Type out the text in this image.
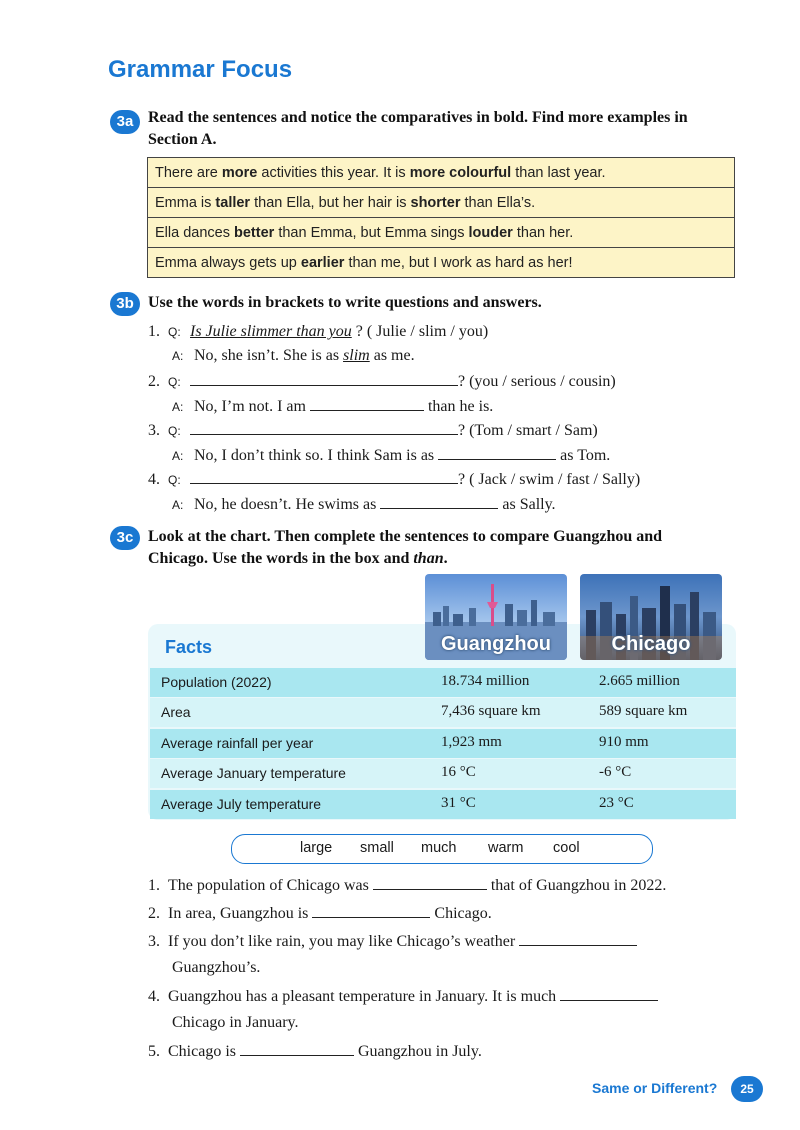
Grammar Focus
3a Read the sentences and notice the comparatives in bold. Find more examples in
Section A.
There are more activities this year. It is more colourful than last year.
Emma is taller than Ella, but her hair is shorter than Ella’s.
Ella dances better than Emma, but Emma sings louder than her.
Emma always gets up earlier than me, but I work as hard as her!
3b Use the words in brackets to write questions and answers.
1. Q: Is Julie slimmer than you ? ( Julie / slim / you)
A: No, she isn’t. She is as slim as me.
2. Q:	? (you / serious / cousin)
A: No, I’m not. I am	than he is.
3. Q:	? (Tom / smart / Sam)
A: No, I don’t think so. I think Sam is as	as Tom.
4. Q:	? ( Jack / swim / fast / Sally)
A: No, he doesn’t. He swims as	as Sally.
3c Look at the chart. Then complete the sentences to compare Guangzhou and
Chicago. Use the words in the box and than.
Guangzhou	Chicago
Facts
Population (2022)	18.734 million	2.665 million
Area	7,436 square km	589 square km
Average rainfall per year	1,923 mm	910 mm
Average January temperature	16 °C	-6 °C
Average July temperature	31 °C	23 °C
large small much warm cool
1. The population of Chicago was	that of Guangzhou in 2022.
2. In area, Guangzhou is	Chicago.
3. If you don’t like rain, you may like Chicago’s weather
Guangzhou’s.
4. Guangzhou has a pleasant temperature in January. It is much
Chicago in January.
5. Chicago is	Guangzhou in July.
Same or Different?	25
